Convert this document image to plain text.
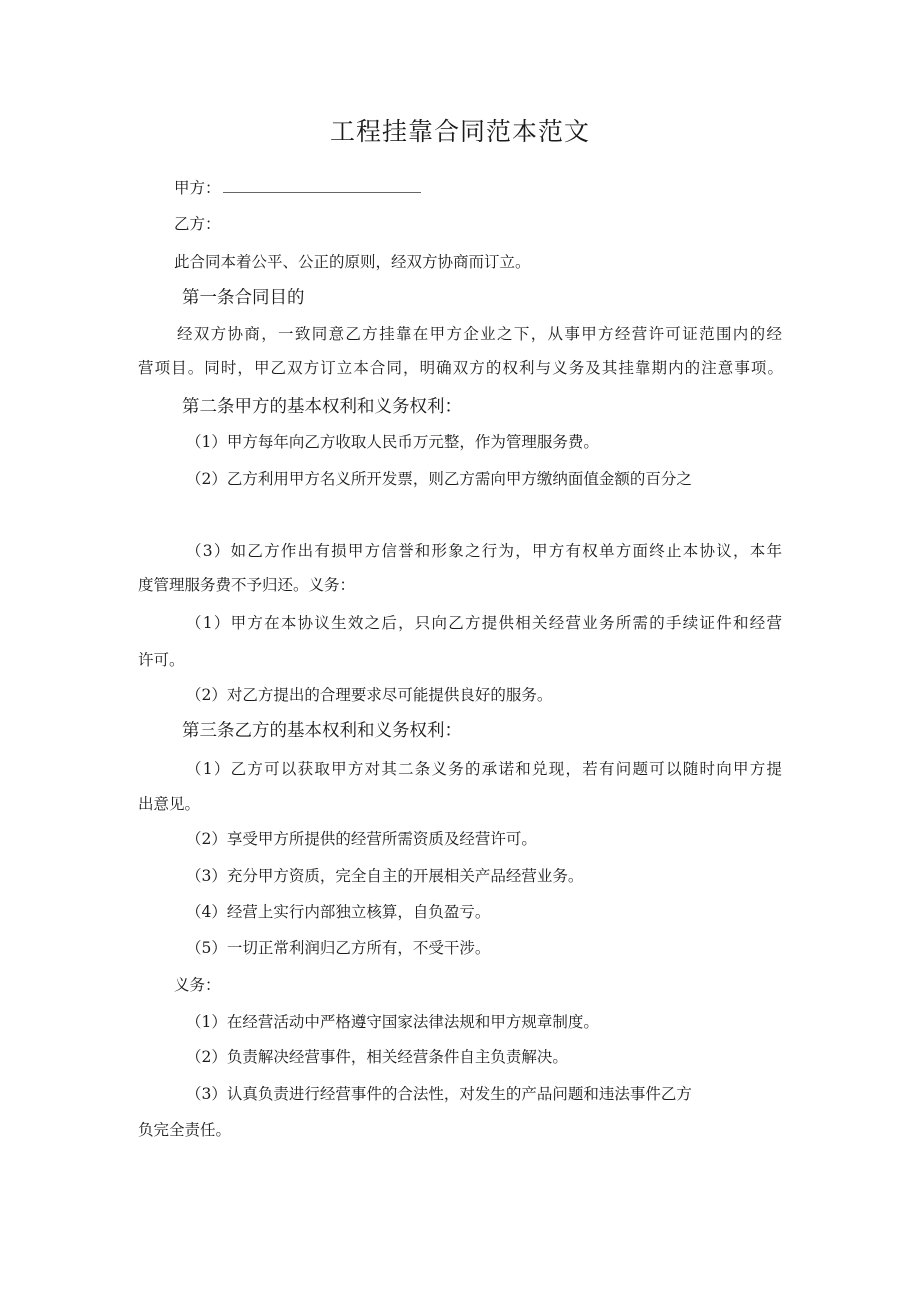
工程挂靠合同范本范文
甲方：
乙方：
此合同本着公平、公正的原则，经双方协商而订立。
第一条合同目的
经双方协商，一致同意乙方挂靠在甲方企业之下，从事甲方经营许可证范围内的经
营项目。同时，甲乙双方订立本合同，明确双方的权利与义务及其挂靠期内的注意事项。
第二条甲方的基本权利和义务权利：
（1）甲方每年向乙方收取人民币万元整，作为管理服务费。
（2）乙方利用甲方名义所开发票，则乙方需向甲方缴纳面值金额的百分之
（3）如乙方作出有损甲方信誉和形象之行为，甲方有权单方面终止本协议，本年
度管理服务费不予归还。义务：
（1）甲方在本协议生效之后，只向乙方提供相关经营业务所需的手续证件和经营
许可。
（2）对乙方提出的合理要求尽可能提供良好的服务。
第三条乙方的基本权利和义务权利：
（1）乙方可以获取甲方对其二条义务的承诺和兑现，若有问题可以随时向甲方提
出意见。
（2）享受甲方所提供的经营所需资质及经营许可。
（3）充分甲方资质，完全自主的开展相关产品经营业务。
（4）经营上实行内部独立核算，自负盈亏。
（5）一切正常利润归乙方所有，不受干涉。
义务：
（1）在经营活动中严格遵守国家法律法规和甲方规章制度。
（2）负责解决经营事件，相关经营条件自主负责解决。
（3）认真负责进行经营事件的合法性，对发生的产品问题和违法事件乙方
负完全责任。
